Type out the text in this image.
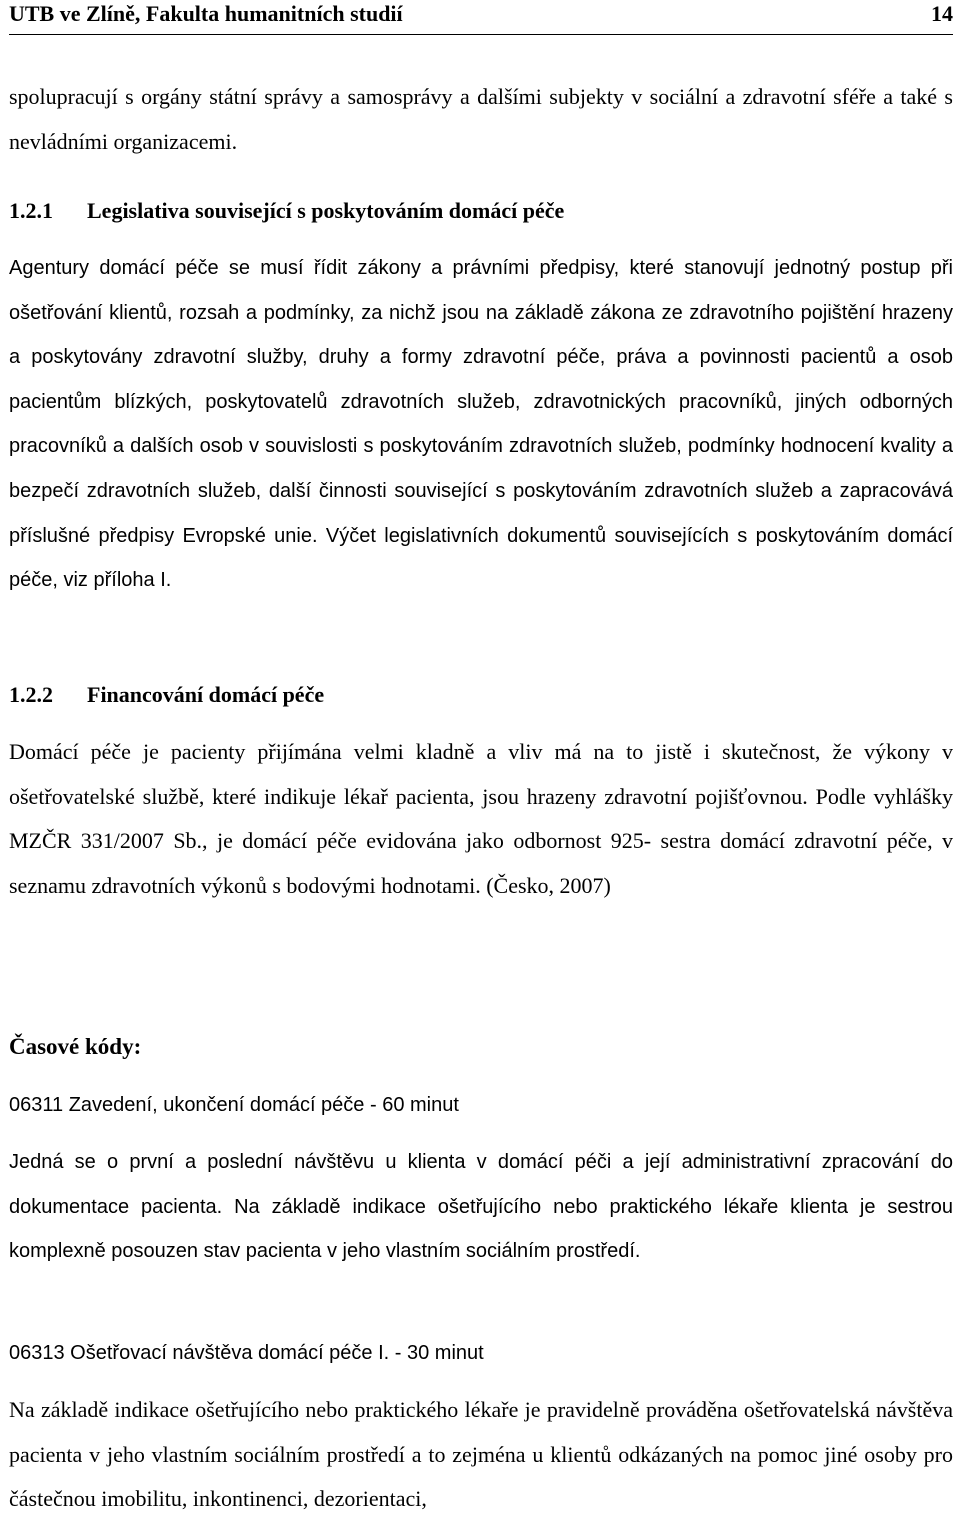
UTB ve Zlíně, Fakulta humanitních studií	14
spolupracují s orgány státní správy a samosprávy a dalšími subjekty v sociální a zdravotní sféře a také s nevládními organizacemi.
1.2.1 Legislativa související s poskytováním domácí péče
Agentury domácí péče se musí řídit zákony a právními předpisy, které stanovují jednotný postup při ošetřování klientů, rozsah a podmínky, za nichž jsou na základě zákona ze zdravotního pojištění hrazeny a poskytovány zdravotní služby, druhy a formy zdravotní péče, práva a povinnosti pacientů a osob pacientům blízkých, poskytovatelů zdravotních služeb, zdravotnických pracovníků, jiných odborných pracovníků a dalších osob v souvislosti s poskytováním zdravotních služeb, podmínky hodnocení kvality a bezpečí zdravotních služeb, další činnosti související s poskytováním zdravotních služeb a zapracovává příslušné předpisy Evropské unie. Výčet legislativních dokumentů souvisejících s poskytováním domácí péče, viz příloha I.
1.2.2 Financování domácí péče
Domácí péče je pacienty přijímána velmi kladně a vliv má na to jistě i skutečnost, že výkony v ošetřovatelské službě, které indikuje lékař pacienta, jsou hrazeny zdravotní pojišťovnou. Podle vyhlášky MZČR 331/2007 Sb., je domácí péče evidována jako odbornost 925- sestra domácí zdravotní péče, v seznamu zdravotních výkonů s bodovými hodnotami. (Česko, 2007)
Časové kódy:
06311 Zavedení, ukončení domácí péče - 60 minut
Jedná se o první a poslední návštěvu u klienta v domácí péči a její administrativní zpracování do dokumentace pacienta. Na základě indikace ošetřujícího nebo praktického lékaře klienta je sestrou komplexně posouzen stav pacienta v jeho vlastním sociálním prostředí.
06313 Ošetřovací návštěva domácí péče I. - 30 minut
Na základě indikace ošetřujícího nebo praktického lékaře je pravidelně prováděna ošetřovatelská návštěva pacienta v jeho vlastním sociálním prostředí a to zejména u klientů odkázaných na pomoc jiné osoby pro částečnou imobilitu, inkontinenci, dezorientaci,
